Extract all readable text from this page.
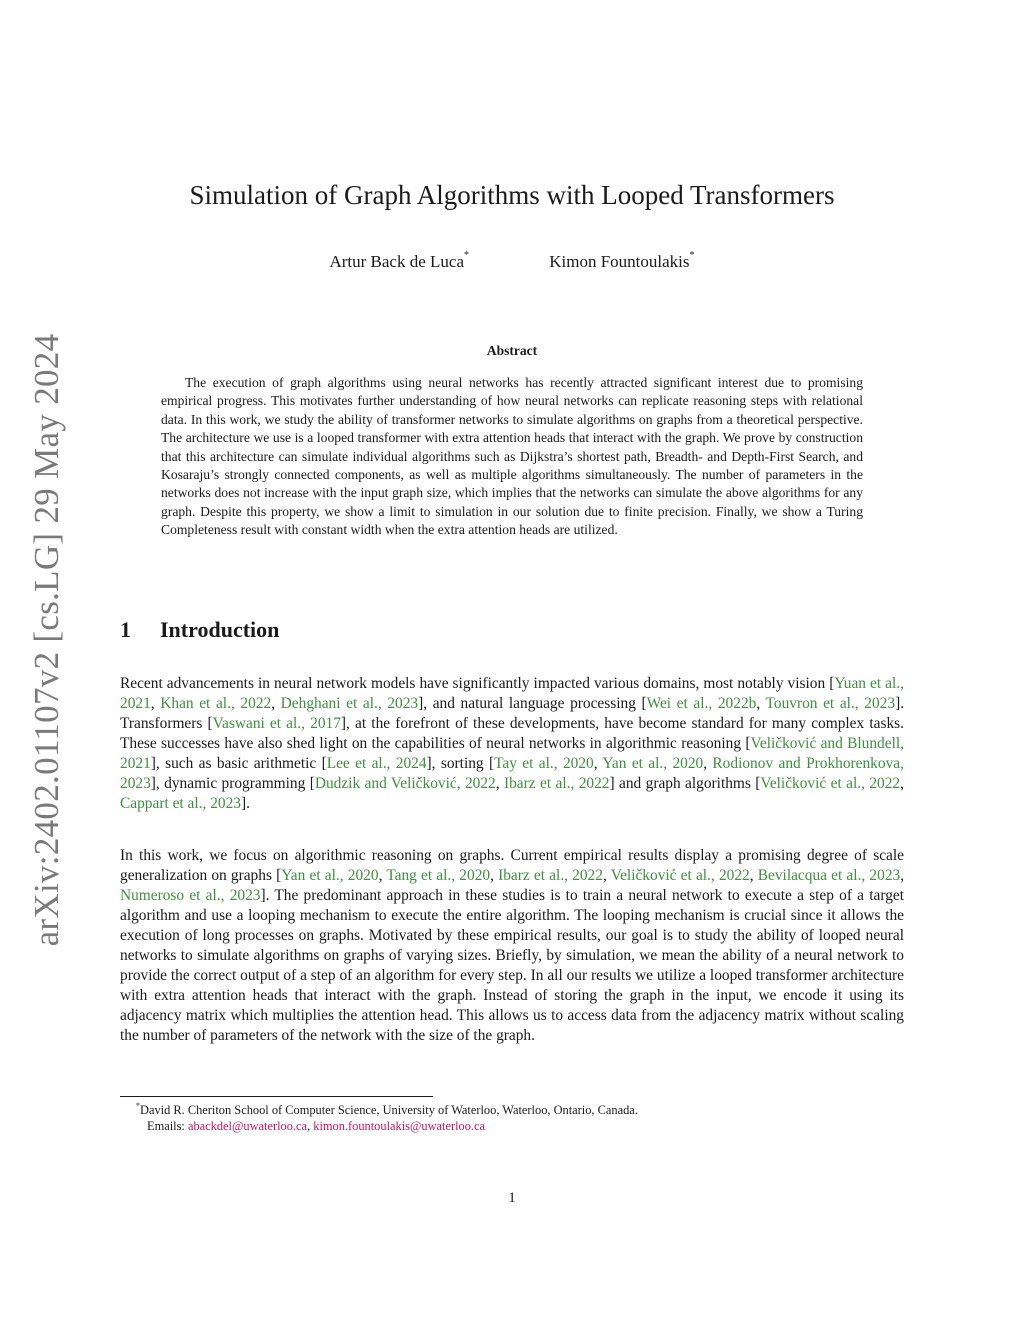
arXiv:2402.01107v2 [cs.LG] 29 May 2024
Simulation of Graph Algorithms with Looped Transformers
Artur Back de Luca*	Kimon Fountoulakis*
Abstract

The execution of graph algorithms using neural networks has recently attracted significant interest due to promising empirical progress. This motivates further understanding of how neural networks can replicate reasoning steps with relational data. In this work, we study the ability of transformer networks to simulate algorithms on graphs from a theoretical perspective. The architecture we use is a looped transformer with extra attention heads that interact with the graph. We prove by construction that this architecture can simulate individual algorithms such as Dijkstra’s shortest path, Breadth- and Depth-First Search, and Kosaraju’s strongly connected components, as well as multiple algorithms simultaneously. The number of parameters in the networks does not increase with the input graph size, which implies that the networks can simulate the above algorithms for any graph. Despite this property, we show a limit to simulation in our solution due to finite precision. Finally, we show a Turing Completeness result with constant width when the extra attention heads are utilized.

1 Introduction

Recent advancements in neural network models have significantly impacted various domains, most notably vision [Yuan et al., 2021, Khan et al., 2022, Dehghani et al., 2023], and natural language processing [Wei et al., 2022b, Touvron et al., 2023]. Transformers [Vaswani et al., 2017], at the forefront of these developments, have become standard for many complex tasks. These successes have also shed light on the capabilities of neural networks in algorithmic reasoning [Veličković and Blundell, 2021], such as basic arithmetic [Lee et al., 2024], sorting [Tay et al., 2020, Yan et al., 2020, Rodionov and Prokhorenkova, 2023], dynamic programming [Dudzik and Veličković, 2022, Ibarz et al., 2022] and graph algorithms [Veličković et al., 2022, Cappart et al., 2023].

In this work, we focus on algorithmic reasoning on graphs. Current empirical results display a promising degree of scale generalization on graphs [Yan et al., 2020, Tang et al., 2020, Ibarz et al., 2022, Veličković et al., 2022, Bevilacqua et al., 2023, Numeroso et al., 2023]. The predominant approach in these studies is to train a neural network to execute a step of a target algorithm and use a looping mechanism to execute the entire algorithm. The looping mechanism is crucial since it allows the execution of long processes on graphs. Motivated by these empirical results, our goal is to study the ability of looped neural networks to simulate algorithms on graphs of varying sizes. Briefly, by simulation, we mean the ability of a neural network to provide the correct output of a step of an algorithm for every step. In all our results we utilize a looped transformer architecture with extra attention heads that interact with the graph. Instead of storing the graph in the input, we encode it using its adjacency matrix which multiplies the attention head. This allows us to access data from the adjacency matrix without scaling the number of parameters of the network with the size of the graph.

*David R. Cheriton School of Computer Science, University of Waterloo, Waterloo, Ontario, Canada.
Emails: abackdel@uwaterloo.ca, kimon.fountoulakis@uwaterloo.ca
1
